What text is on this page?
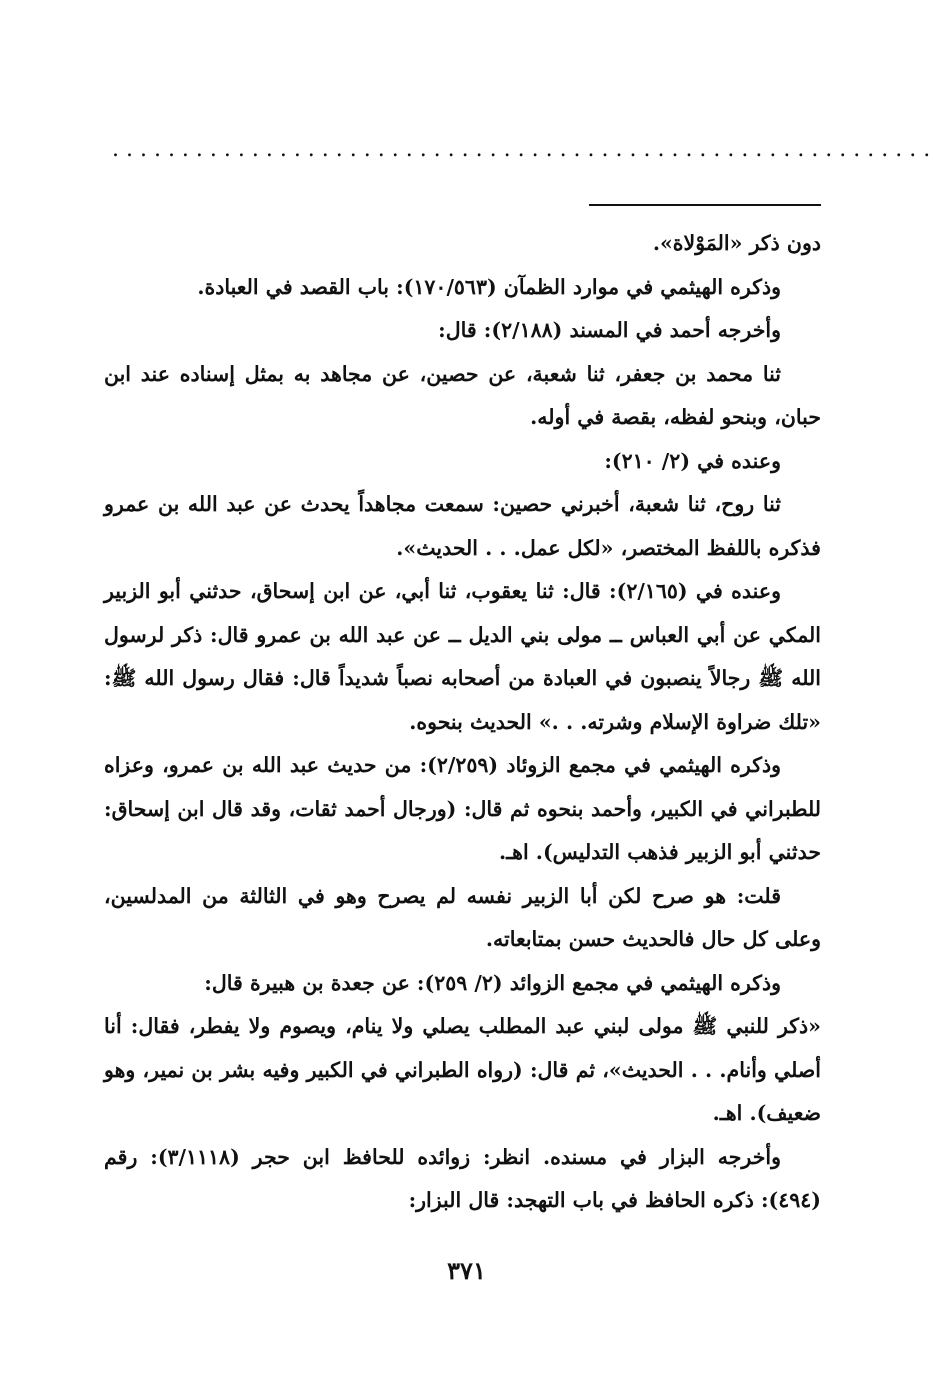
. . . . . . . . . . . . . . . . . . . . . . . . . . . . . . . . . . . . . . . . . . . . . . . . . . . . . . . . . . .

دون ذكر «المَوْلاة».

وذكره الهيثمي في موارد الظمآن (١٧٠/٥٦٣): باب القصد في العبادة.

وأخرجه أحمد في المسند (٢/١٨٨): قال:

ثنا محمد بن جعفر، ثنا شعبة، عن حصين، عن مجاهد به بمثل إسناده عند ابن حبان، وبنحو لفظه، بقصة في أوله.

وعنده في (٢/ ٢١٠):

ثنا روح، ثنا شعبة، أخبرني حصين: سمعت مجاهداً يحدث عن عبد الله بن عمرو فذكره باللفظ المختصر، «لكل عمل. . . الحديث».

وعنده في (٢/١٦٥): قال: ثنا يعقوب، ثنا أبي، عن ابن إسحاق، حدثني أبو الزبير المكي عن أبي العباس ــ مولى بني الديل ــ عن عبد الله بن عمرو قال: ذكر لرسول الله ﷺ رجالاً ينصبون في العبادة من أصحابه نصباً شديداً قال: فقال رسول الله ﷺ: «تلك ضراوة الإسلام وشرته. . .» الحديث بنحوه.

وذكره الهيثمي في مجمع الزوئاد (٢/٢٥٩): من حديث عبد الله بن عمرو، وعزاه للطبراني في الكبير، وأحمد بنحوه ثم قال: (ورجال أحمد ثقات، وقد قال ابن إسحاق: حدثني أبو الزبير فذهب التدليس). اهـ.

قلت: هو صرح لكن أبا الزبير نفسه لم يصرح وهو في الثالثة من المدلسين، وعلى كل حال فالحديث حسن بمتابعاته.

وذكره الهيثمي في مجمع الزوائد (٢/ ٢٥٩): عن جعدة بن هبيرة قال:

«ذكر للنبي ﷺ مولى لبني عبد المطلب يصلي ولا ينام، ويصوم ولا يفطر، فقال: أنا أصلي وأنام. . . الحديث»، ثم قال: (رواه الطبراني في الكبير وفيه بشر بن نمير، وهو ضعيف). اهـ.

وأخرجه البزار في مسنده. انظر: زوائده للحافظ ابن حجر (٣/١١١٨): رقم (٤٩٤): ذكره الحافظ في باب التهجد: قال البزار:

٣٧١
